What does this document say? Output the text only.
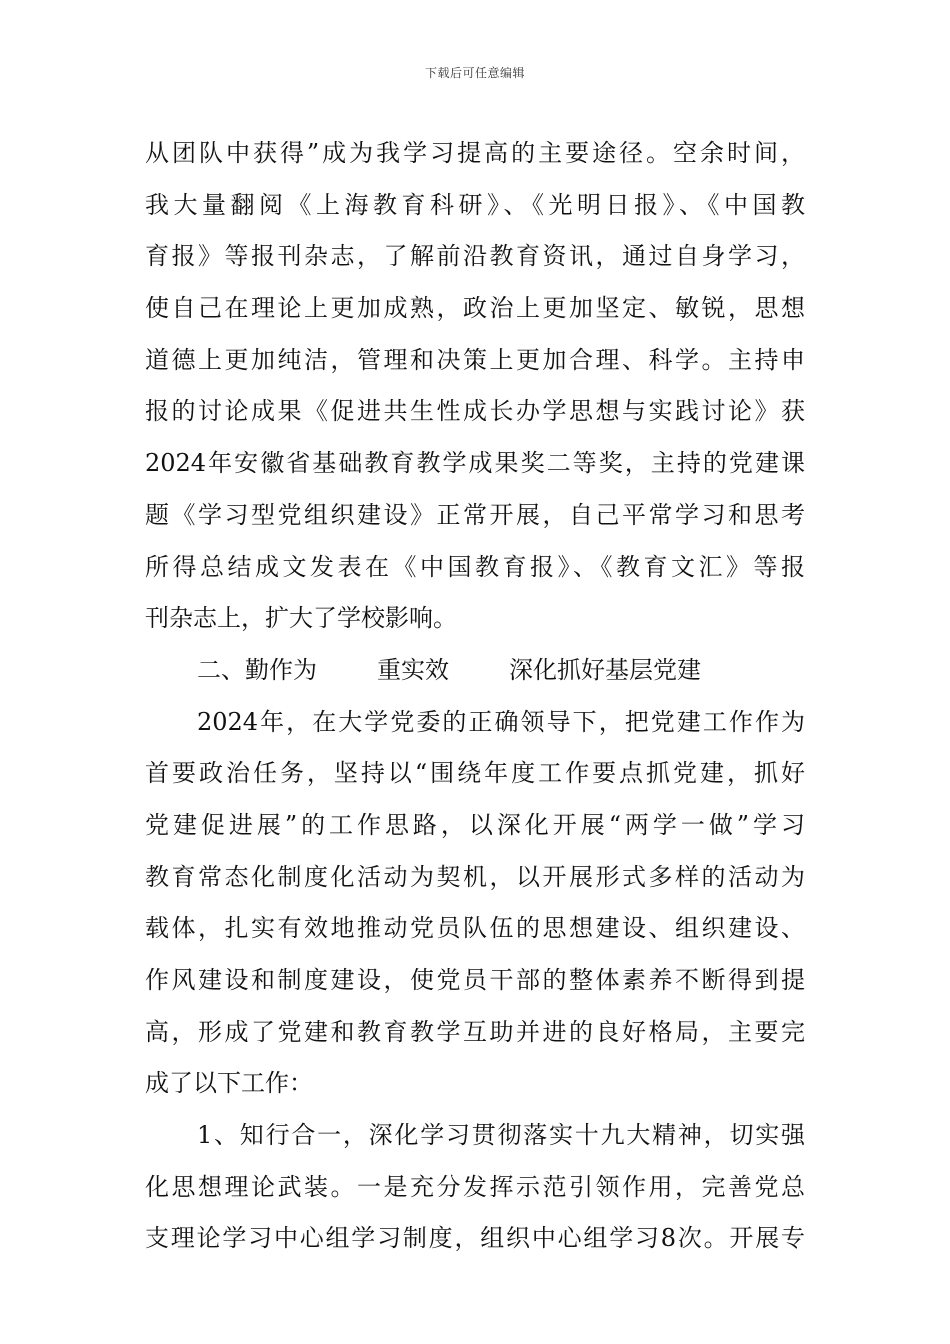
下载后可任意编辑
从团队中获得”成为我学习提高的主要途径。空余时间，
我大量翻阅《上海教育科研》、《光明日报》、《中国教
育报》等报刊杂志，了解前沿教育资讯，通过自身学习，
使自己在理论上更加成熟，政治上更加坚定、敏锐，思想
道德上更加纯洁，管理和决策上更加合理、科学。主持申
报的讨论成果《促进共生性成长办学思想与实践讨论》获
2024年安徽省基础教育教学成果奖二等奖，主持的党建课
题《学习型党组织建设》正常开展，自己平常学习和思考
所得总结成文发表在《中国教育报》、《教育文汇》等报
刊杂志上，扩大了学校影响。
二、勤作为	重实效	深化抓好基层党建
2024年，在大学党委的正确领导下，把党建工作作为
首要政治任务，坚持以“围绕年度工作要点抓党建，抓好
党建促进展”的工作思路，以深化开展“两学一做”学习
教育常态化制度化活动为契机，以开展形式多样的活动为
载体，扎实有效地推动党员队伍的思想建设、组织建设、
作风建设和制度建设，使党员干部的整体素养不断得到提
高，形成了党建和教育教学互助并进的良好格局，主要完
成了以下工作：
1、知行合一，深化学习贯彻落实十九大精神，切实强
化思想理论武装。一是充分发挥示范引领作用，完善党总
支理论学习中心组学习制度，组织中心组学习8次。开展专
